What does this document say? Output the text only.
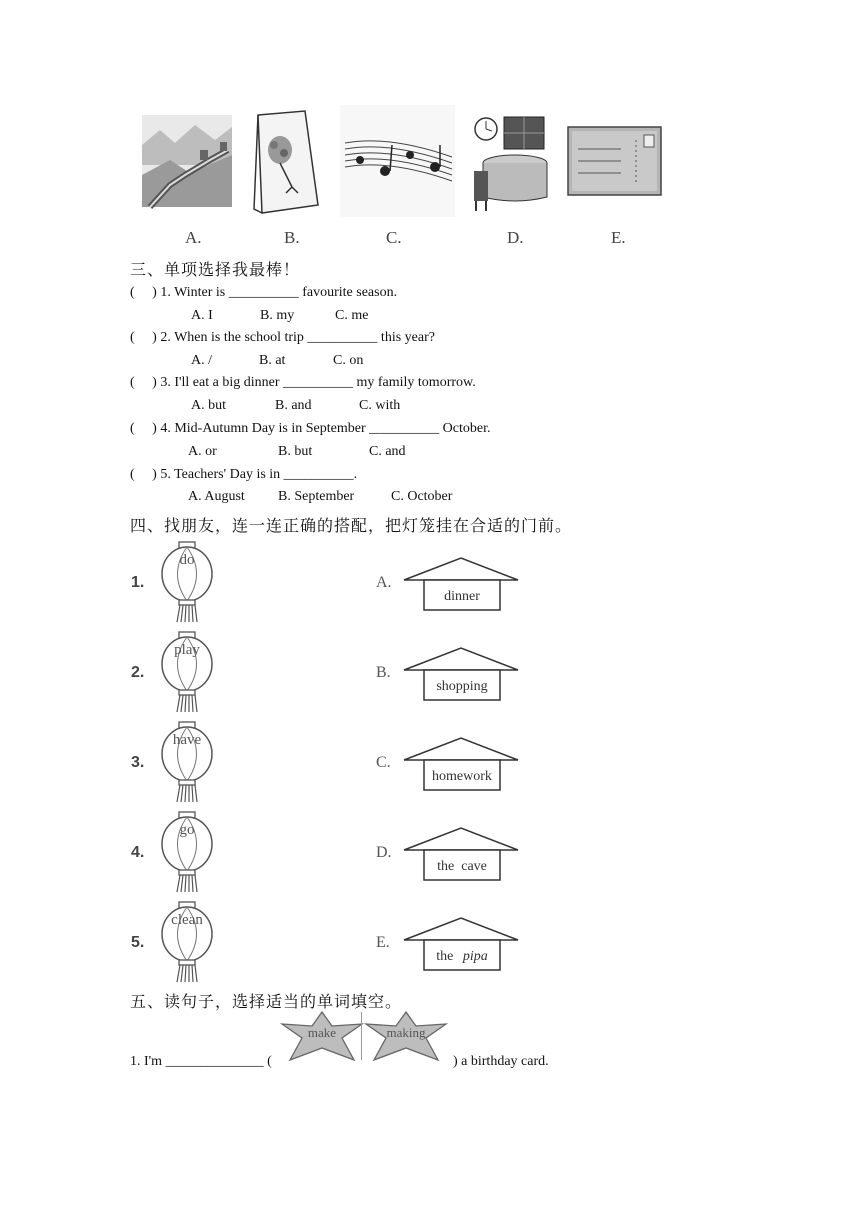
A.	B.	C.	D.	E.
三、单项选择我最棒！
(     ) 1. Winter is __________ favourite season.
A. I	B. my	C. me
(     ) 2. When is the school trip __________ this year?
A. /	B. at	C. on
(     ) 3. I'll eat a big dinner __________ my family tomorrow.
A. but	B. and	C. with
(     ) 4. Mid-Autumn Day is in September __________ October.
A. or	B. but	C. and
(     ) 5. Teachers' Day is in __________.
A. August B. September	C. October
四、找朋友，连一连正确的搭配，把灯笼挂在合适的门前。
1.
do
2.
play
3.
have
4.
go
5.
clean
A.
dinner
B.
shopping
C.
homework
D.
the  cave
E.
the pipa
五、读句子，选择适当的单词填空。
make	making
1. I'm ______________ (	) a birthday card.
